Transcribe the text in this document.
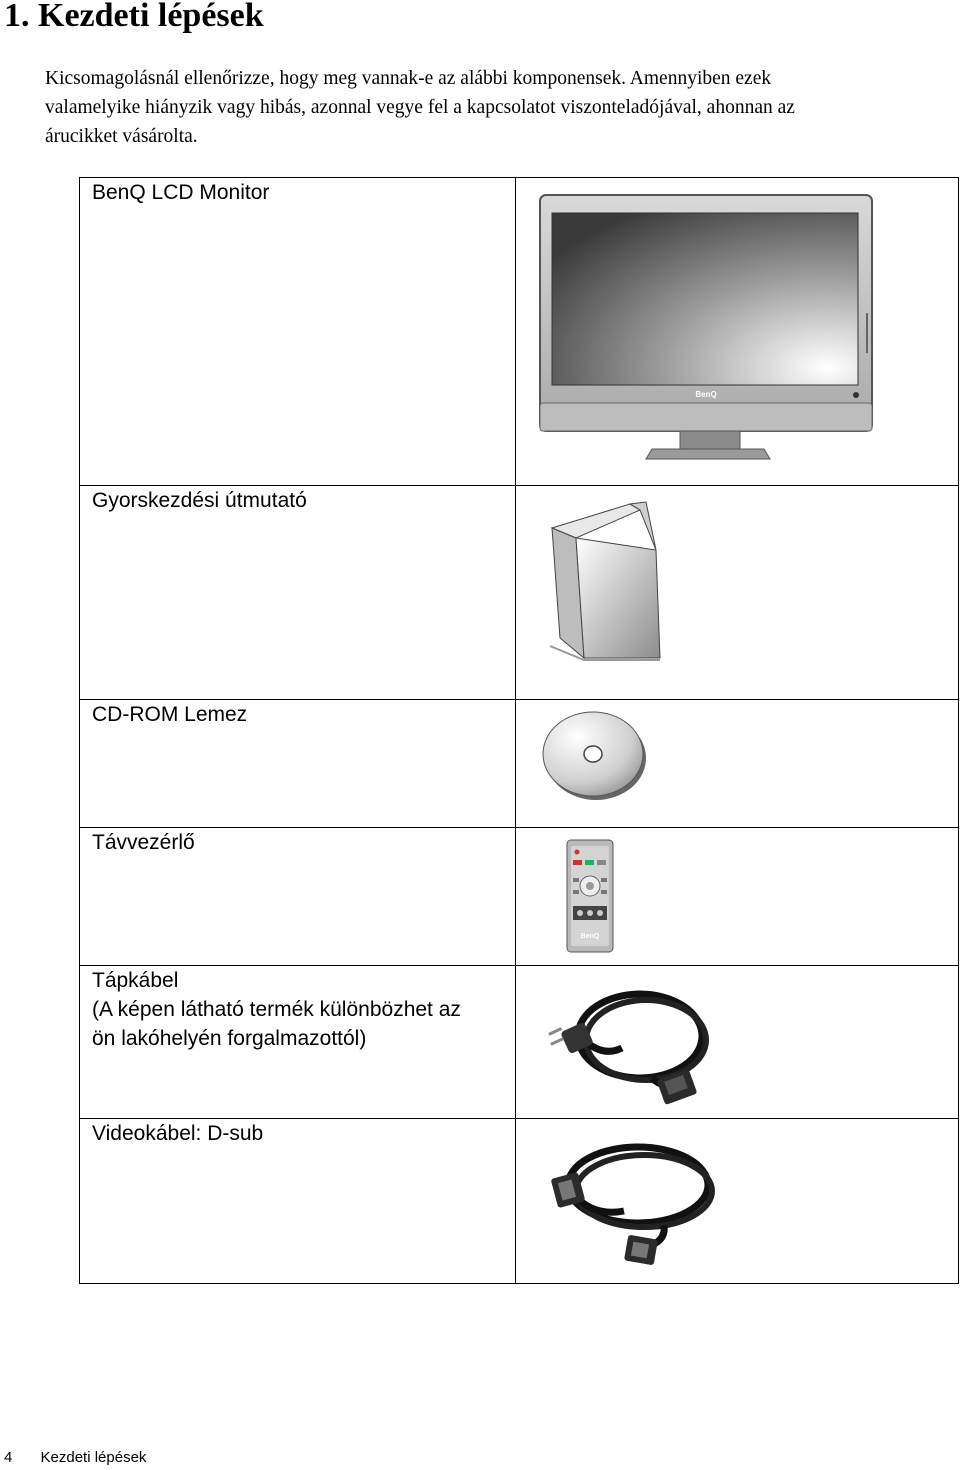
1. Kezdeti lépések
Kicsomagolásnál ellenőrizze, hogy meg vannak-e az alábbi komponensek. Amennyiben ezek
valamelyike hiányzik vagy hibás, azonnal vegye fel a kapcsolatot viszonteladójával, ahonnan az
árucikket vásárolta.
BenQ LCD Monitor
BenQ
Gyorskezdési útmutató
CD-ROM Lemez
Távvezérlő
BenQ
Tápkábel
(A képen látható termék különbözhet az
ön lakóhelyén forgalmazottól)
Videokábel: D-sub
4 Kezdeti lépések
